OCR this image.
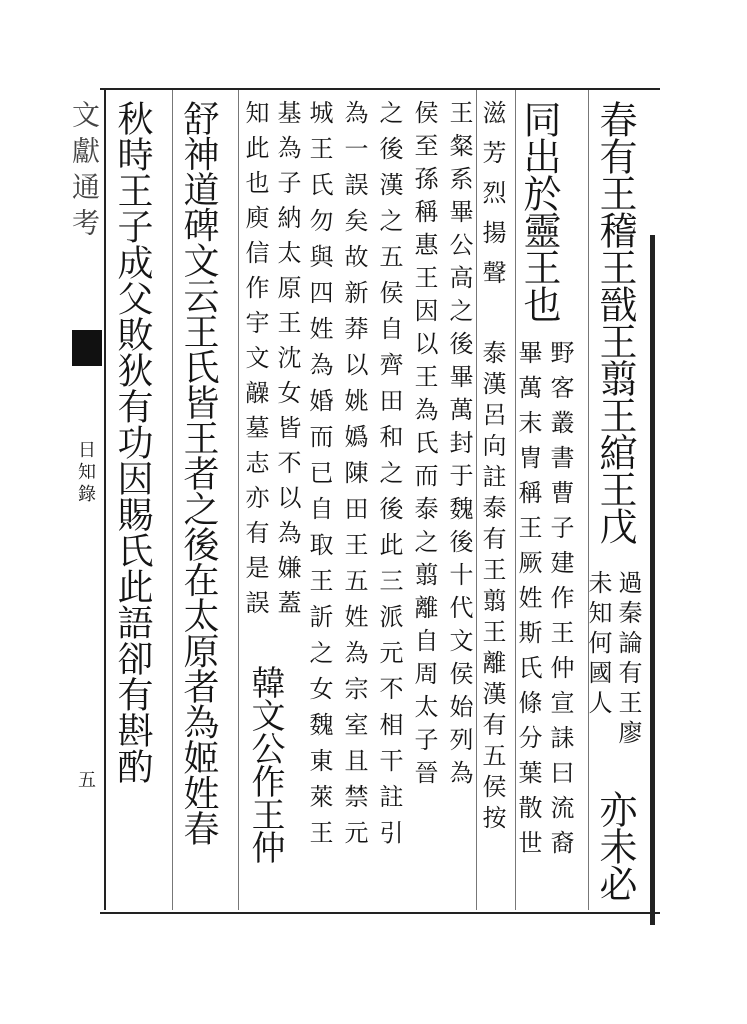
文獻通考
日知錄
五
春有王稽王戩王翦王綰王戊
過秦論有王廖
亦未必
未知何國人
野客叢書曹子建作王仲宣誄曰流裔
畢萬末冑稱王厥姓斯氏條分葉散世
同出於靈王也
泰漢呂向註泰有王翦王離漢有五侯按
滋芳烈揚聲
王粲系畢公高之後畢萬封于魏後十代文侯始列為
侯至孫稱惠王因以王為氏而泰之翦離自周太子晉
之後漢之五侯自齊田和之後此三派元不相干註引
為一誤矣故新莽以姚嬀陳田王五姓為宗室且禁元
城王氏勿與四姓為婚而已自取王訢之女魏東萊王
基為子納太原王沈女皆不以為嫌蓋
韓文公作王仲
知此也庾信作宇文髞墓志亦有是誤
舒神道碑文云王氏皆王者之後在太原者為姬姓春
秋時王子成父敗狄有功因賜氏此語卻有斟酌
